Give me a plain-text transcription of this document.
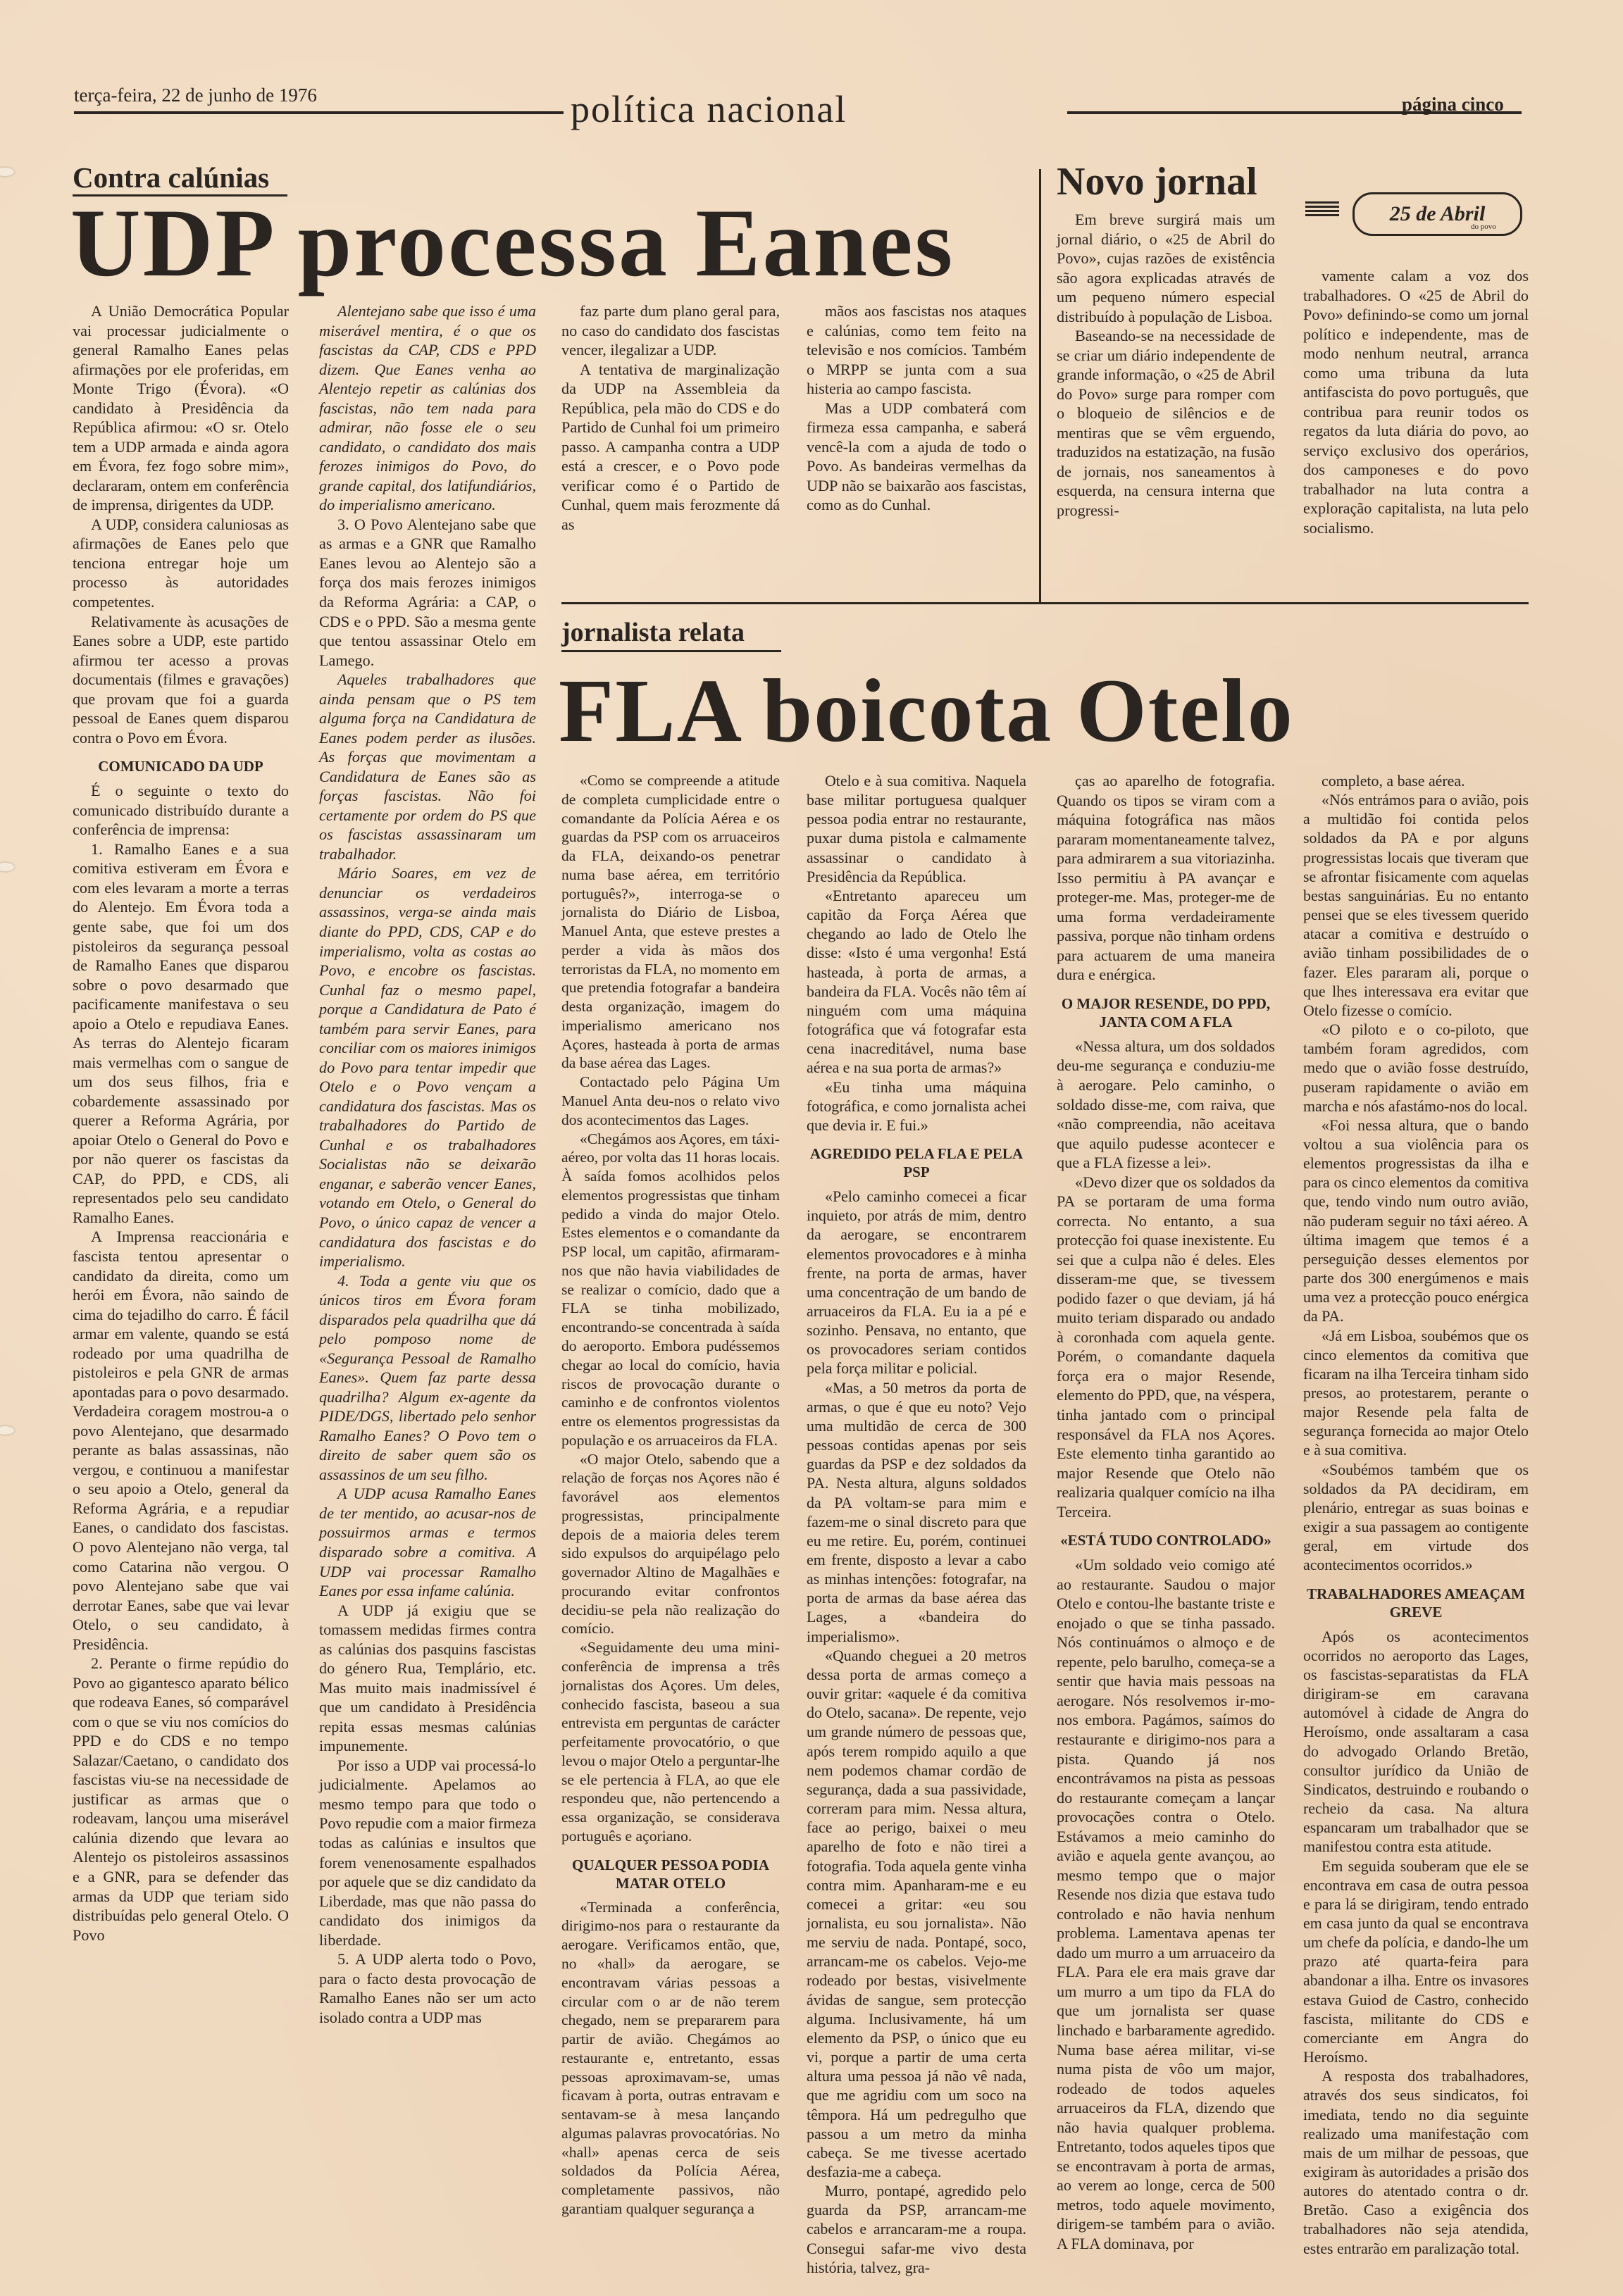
terça-feira, 22 de junho de 1976	política nacional	página cinco
Contra calúnias
UDP processa Eanes

A União Democrática Popular vai processar judicialmente o general Ramalho Eanes pelas afirmações por ele proferidas, em Monte Trigo (Évora). «O candidato à Presidência da República afirmou: «O sr. Otelo tem a UDP armada e ainda agora em Évora, fez fogo sobre mim», declararam, ontem em conferência de imprensa, dirigentes da UDP.

A UDP, considera caluniosas as afirmações de Eanes pelo que tenciona entregar hoje um processo às autoridades competentes.

Relativamente às acusações de Eanes sobre a UDP, este partido afirmou ter acesso a provas documentais (filmes e gravações) que provam que foi a guarda pessoal de Eanes quem disparou contra o Povo em Évora.

COMUNICADO DA UDP

É o seguinte o texto do comunicado distribuído durante a conferência de imprensa:

1. Ramalho Eanes e a sua comitiva estiveram em Évora e com eles levaram a morte a terras do Alentejo. Em Évora toda a gente sabe, que foi um dos pistoleiros da segurança pessoal de Ramalho Eanes que disparou sobre o povo desarmado que pacificamente manifestava o seu apoio a Otelo e repudiava Eanes. As terras do Alentejo ficaram mais vermelhas com o sangue de um dos seus filhos, fria e cobardemente assassinado por querer a Reforma Agrária, por apoiar Otelo o General do Povo e por não querer os fascistas da CAP, do PPD, e CDS, ali representados pelo seu candidato Ramalho Eanes.

A Imprensa reaccionária e fascista tentou apresentar o candidato da direita, como um herói em Évora, não saindo de cima do tejadilho do carro. É fácil armar em valente, quando se está rodeado por uma quadrilha de pistoleiros e pela GNR de armas apontadas para o povo desarmado. Verdadeira coragem mostrou-a o povo Alentejano, que desarmado perante as balas assassinas, não vergou, e continuou a manifestar o seu apoio a Otelo, general da Reforma Agrária, e a repudiar Eanes, o candidato dos fascistas. O povo Alentejano não verga, tal como Catarina não vergou. O povo Alentejano sabe que vai derrotar Eanes, sabe que vai levar Otelo, o seu candidato, à Presidência.

2. Perante o firme repúdio do Povo ao gigantesco aparato bélico que rodeava Eanes, só comparável com o que se viu nos comícios do PPD e do CDS e no tempo Salazar/Caetano, o candidato dos fascistas viu-se na necessidade de justificar as armas que o rodeavam, lançou uma miserável calúnia dizendo que levara ao Alentejo os pistoleiros assassinos e a GNR, para se defender das armas da UDP que teriam sido distribuídas pelo general Otelo. O Povo

Alentejano sabe que isso é uma miserável mentira, é o que os fascistas da CAP, CDS e PPD dizem. Que Eanes venha ao Alentejo repetir as calúnias dos fascistas, não tem nada para admirar, não fosse ele o seu candidato, o candidato dos mais ferozes inimigos do Povo, do grande capital, dos latifundiários, do imperialismo americano.

3. O Povo Alentejano sabe que as armas e a GNR que Ramalho Eanes levou ao Alentejo são a força dos mais ferozes inimigos da Reforma Agrária: a CAP, o CDS e o PPD. São a mesma gente que tentou assassinar Otelo em Lamego.

Aqueles trabalhadores que ainda pensam que o PS tem alguma força na Candidatura de Eanes podem perder as ilusões. As forças que movimentam a Candidatura de Eanes são as forças fascistas. Não foi certamente por ordem do PS que os fascistas assassinaram um trabalhador.

Mário Soares, em vez de denunciar os verdadeiros assassinos, verga-se ainda mais diante do PPD, CDS, CAP e do imperialismo, volta as costas ao Povo, e encobre os fascistas. Cunhal faz o mesmo papel, porque a Candidatura de Pato é também para servir Eanes, para conciliar com os maiores inimigos do Povo para tentar impedir que Otelo e o Povo vençam a candidatura dos fascistas. Mas os trabalhadores do Partido de Cunhal e os trabalhadores Socialistas não se deixarão enganar, e saberão vencer Eanes, votando em Otelo, o General do Povo, o único capaz de vencer a candidatura dos fascistas e do imperialismo.

4. Toda a gente viu que os únicos tiros em Évora foram disparados pela quadrilha que dá pelo pomposo nome de «Segurança Pessoal de Ramalho Eanes». Quem faz parte dessa quadrilha? Algum ex-agente da PIDE/DGS, libertado pelo senhor Ramalho Eanes? O Povo tem o direito de saber quem são os assassinos de um seu filho.

A UDP acusa Ramalho Eanes de ter mentido, ao acusar-nos de possuirmos armas e termos disparado sobre a comitiva. A UDP vai processar Ramalho Eanes por essa infame calúnia.

A UDP já exigiu que se tomassem medidas firmes contra as calúnias dos pasquins fascistas do género Rua, Templário, etc. Mas muito mais inadmissível é que um candidato à Presidência repita essas mesmas calúnias impunemente.

Por isso a UDP vai processá-lo judicialmente. Apelamos ao mesmo tempo para que todo o Povo repudie com a maior firmeza todas as calúnias e insultos que forem venenosamente espalhados por aquele que se diz candidato da Liberdade, mas que não passa do candidato dos inimigos da liberdade.

5. A UDP alerta todo o Povo, para o facto desta provocação de Ramalho Eanes não ser um acto isolado contra a UDP mas

faz parte dum plano geral para, no caso do candidato dos fascistas vencer, ilegalizar a UDP.

A tentativa de marginalização da UDP na Assembleia da República, pela mão do CDS e do Partido de Cunhal foi um primeiro passo. A campanha contra a UDP está a crescer, e o Povo pode verificar como é o Partido de Cunhal, quem mais ferozmente dá as

mãos aos fascistas nos ataques e calúnias, como tem feito na televisão e nos comícios. Também o MRPP se junta com a sua histeria ao campo fascista.

Mas a UDP combaterá com firmeza essa campanha, e saberá vencê-la com a ajuda de todo o Povo. As bandeiras vermelhas da UDP não se baixarão aos fascistas, como as do Cunhal.

Novo jornal
25 de Abril
do povo

Em breve surgirá mais um jornal diário, o «25 de Abril do Povo», cujas razões de existência são agora explicadas através de um pequeno número especial distribuído à população de Lisboa.

Baseando-se na necessidade de se criar um diário independente de grande informação, o «25 de Abril do Povo» surge para romper com o bloqueio de silêncios e de mentiras que se vêm erguendo, traduzidos na estatização, na fusão de jornais, nos saneamentos à esquerda, na censura interna que progressi-

vamente calam a voz dos trabalhadores. O «25 de Abril do Povo» definindo-se como um jornal político e independente, mas de modo nenhum neutral, arranca como uma tribuna da luta antifascista do povo português, que contribua para reunir todos os regatos da luta diária do povo, ao serviço exclusivo dos operários, dos camponeses e do povo trabalhador na luta contra a exploração capitalista, na luta pelo socialismo.

jornalista relata
FLA boicota Otelo

«Como se compreende a atitude de completa cumplicidade entre o comandante da Polícia Aérea e os guardas da PSP com os arruaceiros da FLA, deixando-os penetrar numa base aérea, em território português?», interroga-se o jornalista do Diário de Lisboa, Manuel Anta, que esteve prestes a perder a vida às mãos dos terroristas da FLA, no momento em que pretendia fotografar a bandeira desta organização, imagem do imperialismo americano nos Açores, hasteada à porta de armas da base aérea das Lages.

Contactado pelo Página Um Manuel Anta deu-nos o relato vivo dos acontecimentos das Lages.

«Chegámos aos Açores, em táxi-aéreo, por volta das 11 horas locais. À saída fomos acolhidos pelos elementos progressistas que tinham pedido a vinda do major Otelo. Estes elementos e o comandante da PSP local, um capitão, afirmaram-nos que não havia viabilidades de se realizar o comício, dado que a FLA se tinha mobilizado, encontrando-se concentrada à saída do aeroporto. Embora pudéssemos chegar ao local do comício, havia riscos de provocação durante o caminho e de confrontos violentos entre os elementos progressistas da população e os arruaceiros da FLA.

«O major Otelo, sabendo que a relação de forças nos Açores não é favorável aos elementos progressistas, principalmente depois de a maioria deles terem sido expulsos do arquipélago pelo governador Altino de Magalhães e procurando evitar confrontos decidiu-se pela não realização do comício.

«Seguidamente deu uma mini-conferência de imprensa a três jornalistas dos Açores. Um deles, conhecido fascista, baseou a sua entrevista em perguntas de carácter perfeitamente provocatório, o que levou o major Otelo a perguntar-lhe se ele pertencia à FLA, ao que ele respondeu que, não pertencendo a essa organização, se considerava português e açoriano.

QUALQUER PESSOA PODIA MATAR OTELO

«Terminada a conferência, dirigimo-nos para o restaurante da aerogare. Verificamos então, que, no «hall» da aerogare, se encontravam várias pessoas a circular com o ar de não terem chegado, nem se prepararem para partir de avião. Chegámos ao restaurante e, entretanto, essas pessoas aproximavam-se, umas ficavam à porta, outras entravam e sentavam-se à mesa lançando algumas palavras provocatórias. No «hall» apenas cerca de seis soldados da Polícia Aérea, completamente passivos, não garantiam qualquer segurança a

Otelo e à sua comitiva. Naquela base militar portuguesa qualquer pessoa podia entrar no restaurante, puxar duma pistola e calmamente assassinar o candidato à Presidência da República.

«Entretanto apareceu um capitão da Força Aérea que chegando ao lado de Otelo lhe disse: «Isto é uma vergonha! Está hasteada, à porta de armas, a bandeira da FLA. Vocês não têm aí ninguém com uma máquina fotográfica que vá fotografar esta cena inacreditável, numa base aérea e na sua porta de armas?»

«Eu tinha uma máquina fotográfica, e como jornalista achei que devia ir. E fui.»

AGREDIDO PELA FLA E PELA PSP

«Pelo caminho comecei a ficar inquieto, por atrás de mim, dentro da aerogare, se encontrarem elementos provocadores e à minha frente, na porta de armas, haver uma concentração de um bando de arruaceiros da FLA. Eu ia a pé e sozinho. Pensava, no entanto, que os provocadores seriam contidos pela força militar e policial.

«Mas, a 50 metros da porta de armas, o que é que eu noto? Vejo uma multidão de cerca de 300 pessoas contidas apenas por seis guardas da PSP e dez soldados da PA. Nesta altura, alguns soldados da PA voltam-se para mim e fazem-me o sinal discreto para que eu me retire. Eu, porém, continuei em frente, disposto a levar a cabo as minhas intenções: fotografar, na porta de armas da base aérea das Lages, a «bandeira do imperialismo».

«Quando cheguei a 20 metros dessa porta de armas começo a ouvir gritar: «aquele é da comitiva do Otelo, sacana». De repente, vejo um grande número de pessoas que, após terem rompido aquilo a que nem podemos chamar cordão de segurança, dada a sua passividade, correram para mim. Nessa altura, face ao perigo, baixei o meu aparelho de foto e não tirei a fotografia. Toda aquela gente vinha contra mim. Apanharam-me e eu comecei a gritar: «eu sou jornalista, eu sou jornalista». Não me serviu de nada. Pontapé, soco, arrancam-me os cabelos. Vejo-me rodeado por bestas, visivelmente ávidas de sangue, sem protecção alguma. Inclusivamente, há um elemento da PSP, o único que eu vi, porque a partir de uma certa altura uma pessoa já não vê nada, que me agridiu com um soco na têmpora. Há um pedregulho que passou a um metro da minha cabeça. Se me tivesse acertado desfazia-me a cabeça.

Murro, pontapé, agredido pelo guarda da PSP, arrancam-me cabelos e arrancaram-me a roupa. Consegui safar-me vivo desta história, talvez, gra-

ças ao aparelho de fotografia. Quando os tipos se viram com a máquina fotográfica nas mãos pararam momentaneamente talvez, para admirarem a sua vitoriazinha. Isso permitiu à PA avançar e proteger-me. Mas, proteger-me de uma forma verdadeiramente passiva, porque não tinham ordens para actuarem de uma maneira dura e enérgica.

O MAJOR RESENDE, DO PPD, JANTA COM A FLA

«Nessa altura, um dos soldados deu-me segurança e conduziu-me à aerogare. Pelo caminho, o soldado disse-me, com raiva, que «não compreendia, não aceitava que aquilo pudesse acontecer e que a FLA fizesse a lei».

«Devo dizer que os soldados da PA se portaram de uma forma correcta. No entanto, a sua protecção foi quase inexistente. Eu sei que a culpa não é deles. Eles disseram-me que, se tivessem podido fazer o que deviam, já há muito teriam disparado ou andado à coronhada com aquela gente. Porém, o comandante daquela força era o major Resende, elemento do PPD, que, na véspera, tinha jantado com o principal responsável da FLA nos Açores. Este elemento tinha garantido ao major Resende que Otelo não realizaria qualquer comício na ilha Terceira.

«ESTÁ TUDO CONTROLADO»

«Um soldado veio comigo até ao restaurante. Saudou o major Otelo e contou-lhe bastante triste e enojado o que se tinha passado. Nós continuámos o almoço e de repente, pelo barulho, começa-se a sentir que havia mais pessoas na aerogare. Nós resolvemos ir-mo-nos embora. Pagámos, saímos do restaurante e dirigimo-nos para a pista. Quando já nos encontrávamos na pista as pessoas do restaurante começam a lançar provocações contra o Otelo. Estávamos a meio caminho do avião e aquela gente avançou, ao mesmo tempo que o major Resende nos dizia que estava tudo controlado e não havia nenhum problema. Lamentava apenas ter dado um murro a um arruaceiro da FLA. Para ele era mais grave dar um murro a um tipo da FLA do que um jornalista ser quase linchado e barbaramente agredido. Numa base aérea militar, vi-se numa pista de vôo um major, rodeado de todos aqueles arruaceiros da FLA, dizendo que não havia qualquer problema. Entretanto, todos aqueles tipos que se encontravam à porta de armas, ao verem ao longe, cerca de 500 metros, todo aquele movimento, dirigem-se também para o avião. A FLA dominava, por

completo, a base aérea.

«Nós entrámos para o avião, pois a multidão foi contida pelos soldados da PA e por alguns progressistas locais que tiveram que se afrontar fisicamente com aquelas bestas sanguinárias. Eu no entanto pensei que se eles tivessem querido atacar a comitiva e destruído o avião tinham possibilidades de o fazer. Eles pararam ali, porque o que lhes interessava era evitar que Otelo fizesse o comício.

«O piloto e o co-piloto, que também foram agredidos, com medo que o avião fosse destruído, puseram rapidamente o avião em marcha e nós afastámo-nos do local.

«Foi nessa altura, que o bando voltou a sua violência para os elementos progressistas da ilha e para os cinco elementos da comitiva que, tendo vindo num outro avião, não puderam seguir no táxi aéreo. A última imagem que temos é a perseguição desses elementos por parte dos 300 energúmenos e mais uma vez a protecção pouco enérgica da PA.

«Já em Lisboa, soubémos que os cinco elementos da comitiva que ficaram na ilha Terceira tinham sido presos, ao protestarem, perante o major Resende pela falta de segurança fornecida ao major Otelo e à sua comitiva.

«Soubémos também que os soldados da PA decidiram, em plenário, entregar as suas boinas e exigir a sua passagem ao contigente geral, em virtude dos acontecimentos ocorridos.»

TRABALHADORES AMEAÇAM GREVE

Após os acontecimentos ocorridos no aeroporto das Lages, os fascistas-separatistas da FLA dirigiram-se em caravana automóvel à cidade de Angra do Heroísmo, onde assaltaram a casa do advogado Orlando Bretão, consultor jurídico da União de Sindicatos, destruindo e roubando o recheio da casa. Na altura espancaram um trabalhador que se manifestou contra esta atitude.

Em seguida souberam que ele se encontrava em casa de outra pessoa e para lá se dirigiram, tendo entrado em casa junto da qual se encontrava um chefe da polícia, e dando-lhe um prazo até quarta-feira para abandonar a ilha. Entre os invasores estava Guiod de Castro, conhecido fascista, militante do CDS e comerciante em Angra do Heroísmo.

A resposta dos trabalhadores, através dos seus sindicatos, foi imediata, tendo no dia seguinte realizado uma manifestação com mais de um milhar de pessoas, que exigiram às autoridades a prisão dos autores do atentado contra o dr. Bretão. Caso a exigência dos trabalhadores não seja atendida, estes entrarão em paralização total.
